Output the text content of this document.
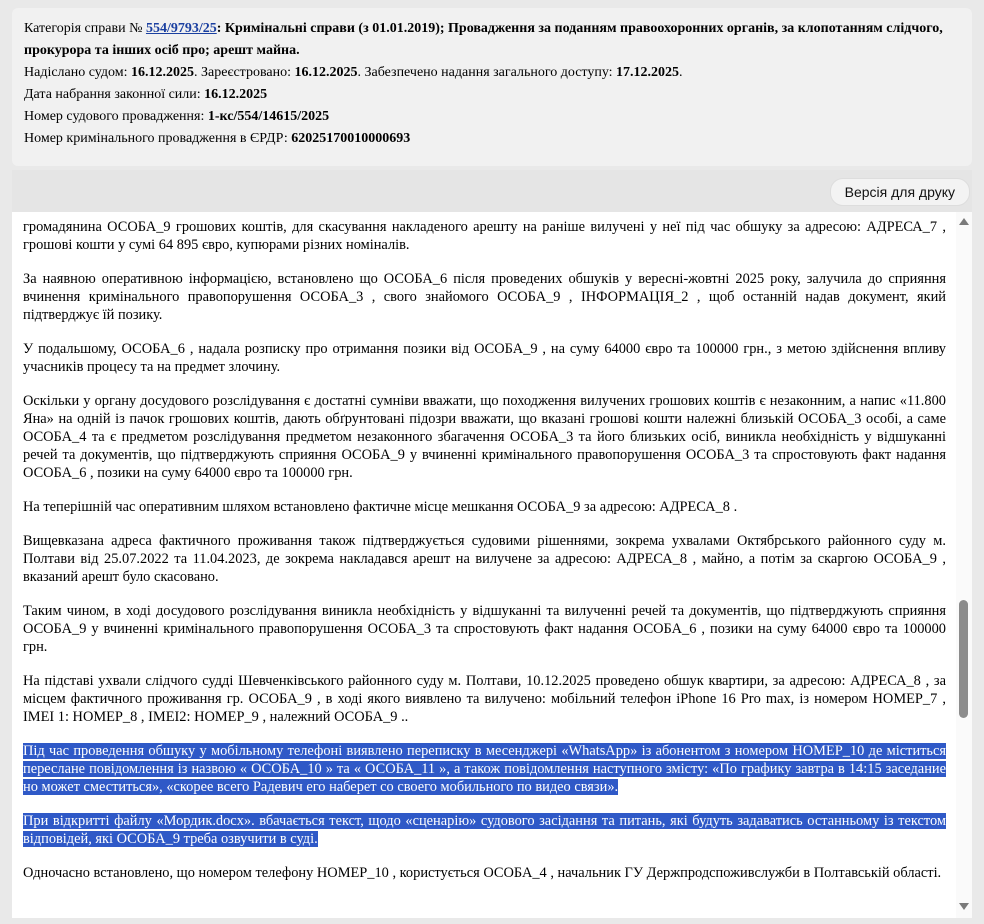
Категорія справи № 554/9793/25: Кримінальні справи (з 01.01.2019); Провадження за поданням правоохоронних органів, за клопотанням слідчого, прокурора та інших осіб про; арешт майна.

Надіслано судом: 16.12.2025. Зареєстровано: 16.12.2025. Забезпечено надання загального доступу: 17.12.2025.

Дата набрання законної сили: 16.12.2025

Номер судового провадження: 1-кс/554/14615/2025

Номер кримінального провадження в ЄРДР: 62025170010000693

Версія для друку

громадянина ОСОБА_9 грошових коштів, для скасування накладеного арешту на раніше вилучені у неї під час обшуку за адресою: АДРЕСА_7 , грошові кошти у сумі 64 895 євро, купюрами різних номіналів.

За наявною оперативною інформацією, встановлено що ОСОБА_6 після проведених обшуків у вересні-жовтні 2025 року, залучила до сприяння вчинення кримінального правопорушення ОСОБА_3 , свого знайомого ОСОБА_9 , ІНФОРМАЦІЯ_2 , щоб останній надав документ, який підтверджує їй позику.

У подальшому, ОСОБА_6 , надала розписку про отримання позики від ОСОБА_9 , на суму 64000 євро та 100000 грн., з метою здійснення впливу учасників процесу та на предмет злочину.

Оскільки у органу досудового розслідування є достатні сумніви вважати, що походження вилучених грошових коштів є незаконним, а напис «11.800 Яна» на одній із пачок грошових коштів, дають обґрунтовані підозри вважати, що вказані грошові кошти належні близькій ОСОБА_3 особі, а саме ОСОБА_4 та є предметом розслідування предметом незаконного збагачення ОСОБА_3 та його близьких осіб, виникла необхідність у відшуканні речей та документів, що підтверджують сприяння ОСОБА_9 у вчиненні кримінального правопорушення ОСОБА_3 та спростовують факт надання ОСОБА_6 , позики на суму 64000 євро та 100000 грн.

На теперішній час оперативним шляхом встановлено фактичне місце мешкання ОСОБА_9 за адресою: АДРЕСА_8 .

Вищевказана адреса фактичного проживання також підтверджується судовими рішеннями, зокрема ухвалами Октябрського районного суду м. Полтави від 25.07.2022 та 11.04.2023, де зокрема накладався арешт на вилучене за адресою: АДРЕСА_8 , майно, а потім за скаргою ОСОБА_9 , вказаний арешт було скасовано.

Таким чином, в ході досудового розслідування виникла необхідність у відшуканні та вилученні речей та документів, що підтверджують сприяння ОСОБА_9 у вчиненні кримінального правопорушення ОСОБА_3 та спростовують факт надання ОСОБА_6 , позики на суму 64000 євро та 100000 грн.

На підставі ухвали слідчого судді Шевченківського районного суду м. Полтави, 10.12.2025 проведено обшук квартири, за адресою: АДРЕСА_8 , за місцем фактичного проживання гр. ОСОБА_9 , в ході якого виявлено та вилучено: мобільний телефон iPhone 16 Pro max, із номером НОМЕР_7 , IMEI 1: НОМЕР_8 , IMEI2: НОМЕР_9 , належний ОСОБА_9 ..

Під час проведення обшуку у мобільному телефоні виявлено переписку в месенджері «WhatsApp» із абонентом з номером НОМЕР_10 де міститься переслане повідомлення із назвою « ОСОБА_10 » та « ОСОБА_11 », а також повідомлення наступного змісту: «По графику завтра в 14:15 заседание но может сместиться», «скорее всего Радевич его наберет со своего мобильного по видео связи».

При відкритті файлу «Мордик.docx». вбачається текст, щодо «сценарію» судового засідання та питань, які будуть задаватись останньому із текстом відповідей, які ОСОБА_9 треба озвучити в суді.

Одночасно встановлено, що номером телефону НОМЕР_10 , користується ОСОБА_4 , начальник ГУ Держпродспоживслужби в Полтавській області.
